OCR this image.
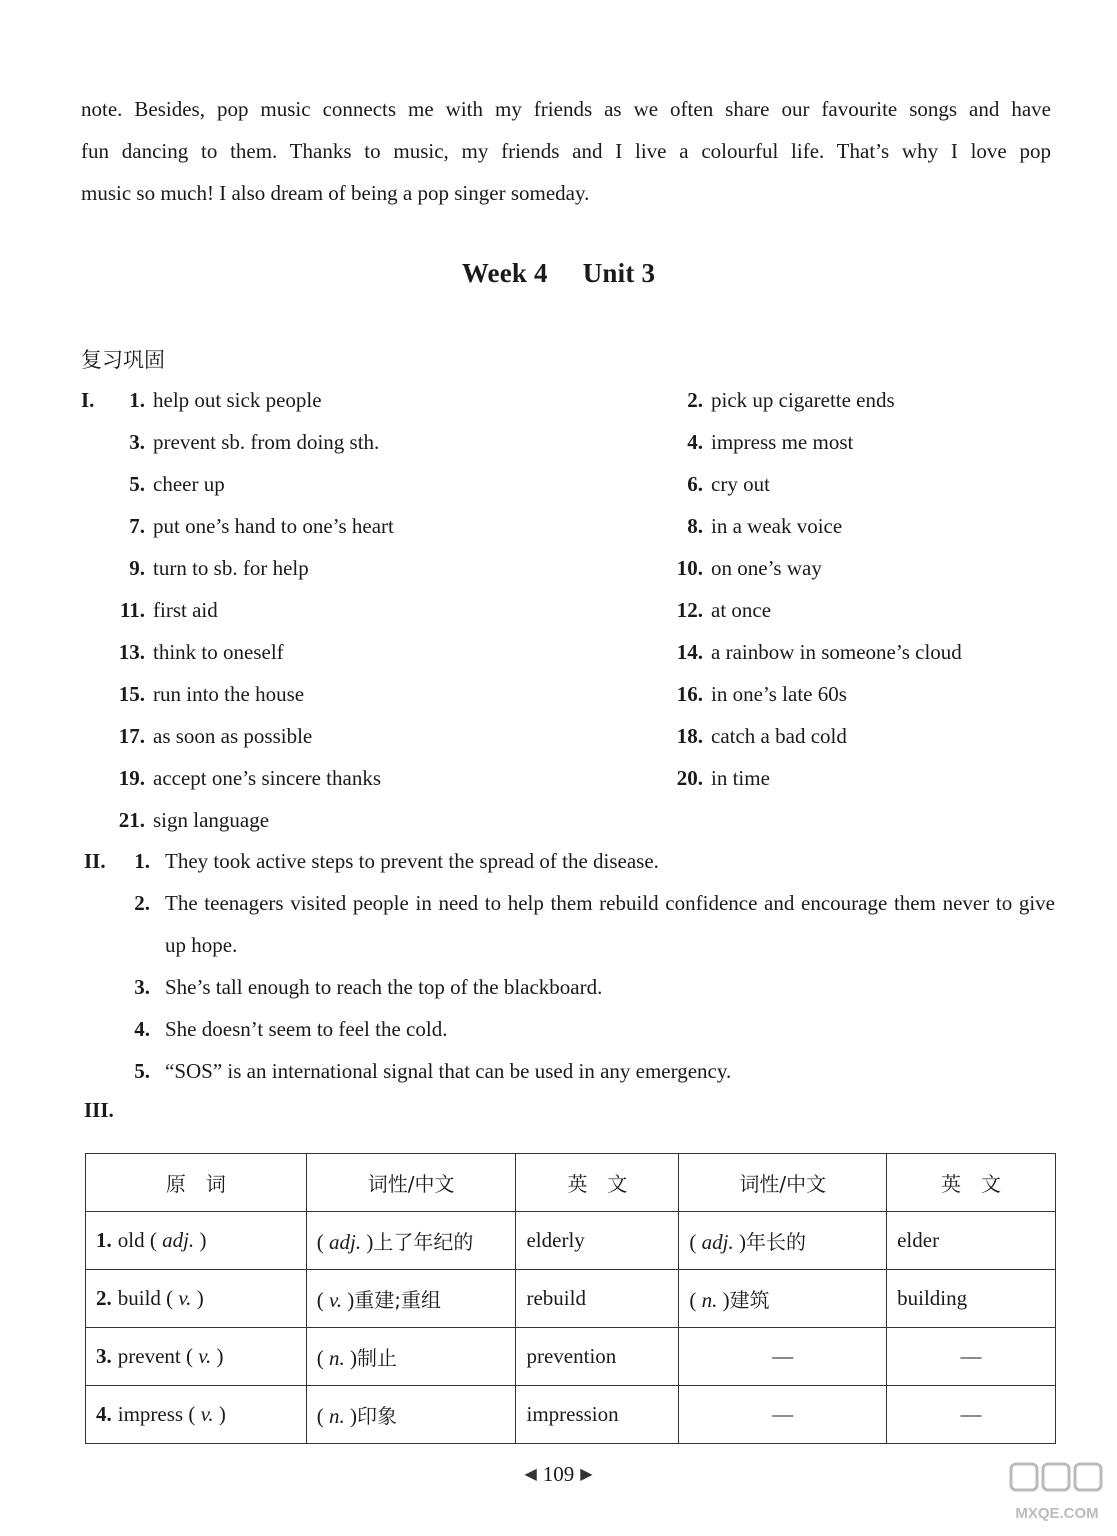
note. Besides, pop music connects me with my friends as we often share our favourite songs and have

fun dancing to them. Thanks to music, my friends and I live a colourful life. That’s why I love pop

music so much! I also dream of being a pop singer someday.

Week 4 Unit 3
复习巩固
I.	1. help out sick people	2. pick up cigarette ends
3. prevent sb. from doing sth.	4. impress me most
5. cheer up	6. cry out
7. put one’s hand to one’s heart	8. in a weak voice
9. turn to sb. for help	10. on one’s way
11. first aid	12. at once
13. think to oneself	14. a rainbow in someone’s cloud
15. run into the house	16. in one’s late 60s
17. as soon as possible	18. catch a bad cold
19. accept one’s sincere thanks	20. in time
21. sign language
II. 1. They took active steps to prevent the spread of the disease.
2. The teenagers visited people in need to help them rebuild confidence and encourage them never to give up hope.
3. She’s tall enough to reach the top of the blackboard.
4. She doesn’t seem to feel the cold.
5. “SOS” is an international signal that can be used in any emergency.
III.
原　词	词性/中文	英　文	词性/中文	英　文
1. old ( adj. )	( adj. )上了年纪的	elderly	( adj. )年长的	elder
2. build ( v. )	( v. )重建;重组	rebuild	( n. )建筑	building
3. prevent ( v. )	( n. )制止	prevention	—	—
4. impress ( v. )	( n. )印象	impression	—	—
◀ 109 ▶
MXQE.COM
